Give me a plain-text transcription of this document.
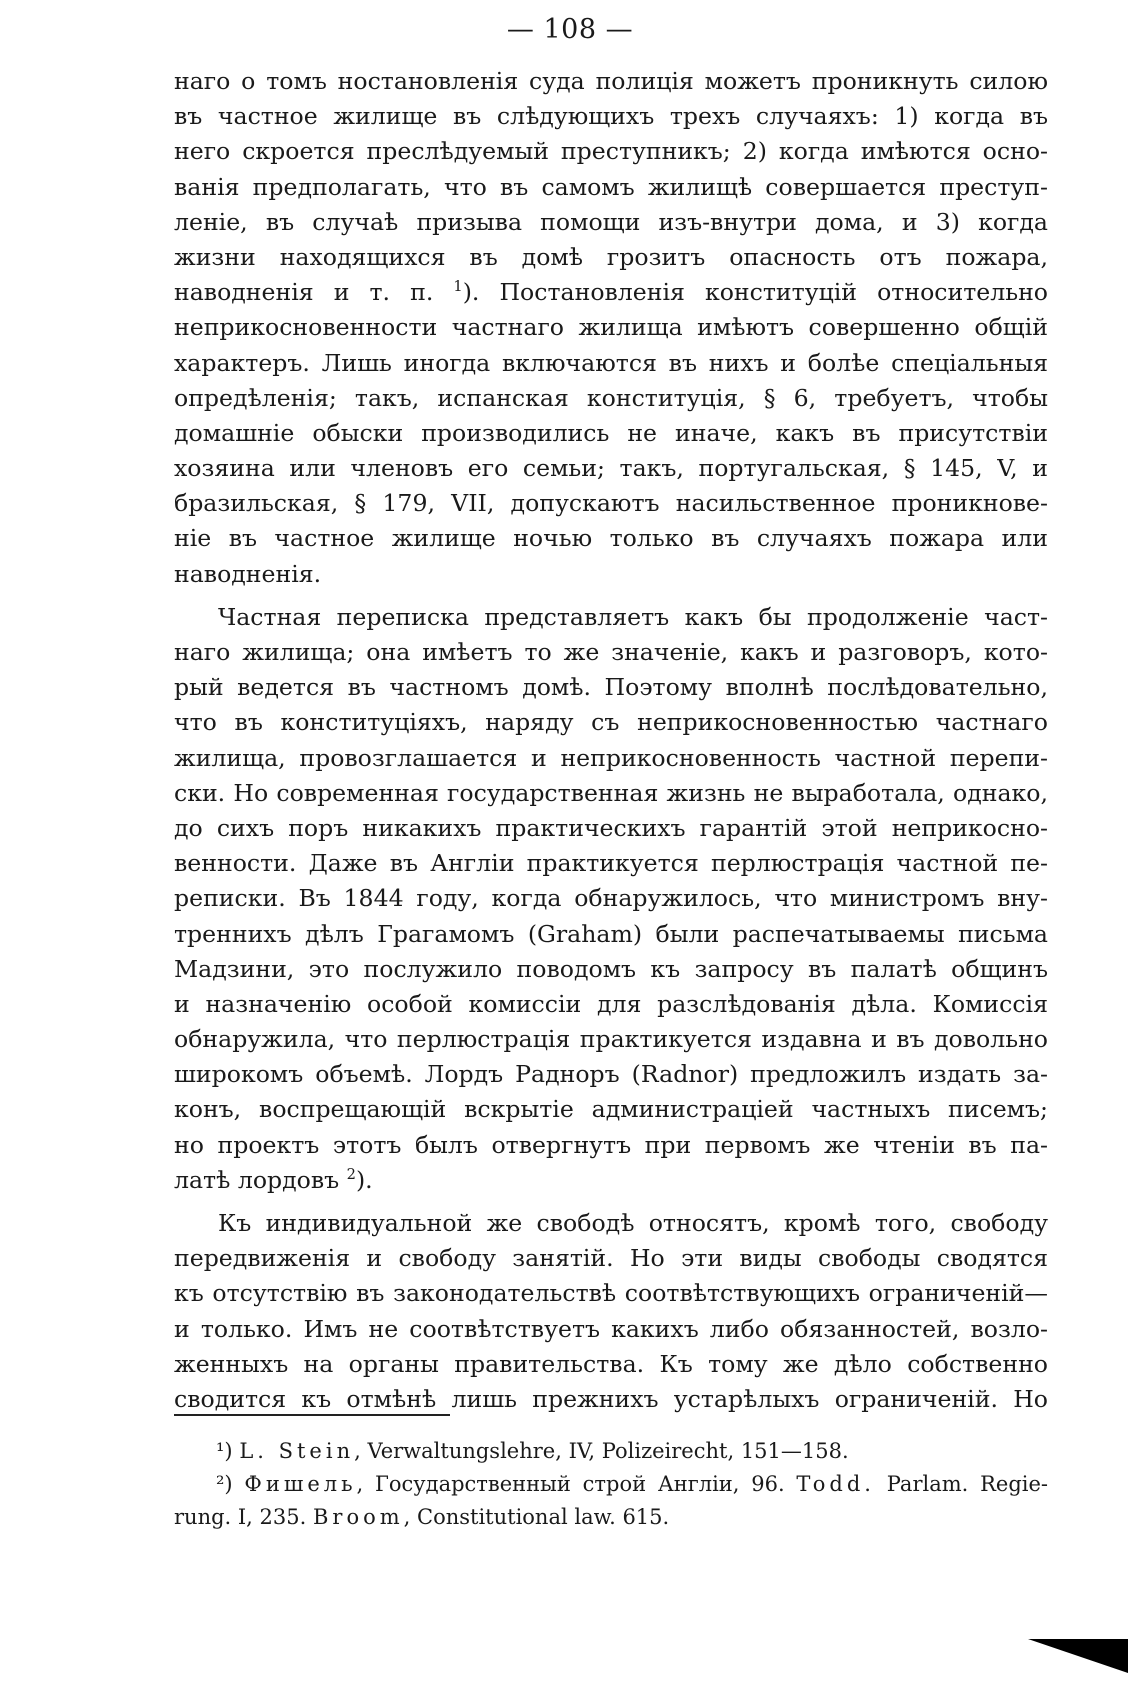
— 108 —
наго о томъ ностановленія суда полиція можетъ проникнуть силою
въ частное жилище въ слѣдующихъ трехъ случаяхъ: 1) когда въ
него скроется преслѣдуемый преступникъ; 2) когда имѣются осно-
ванія предполагать, что въ самомъ жилищѣ совершается преступ-
леніе, въ случаѣ призыва помощи изъ-внутри дома, и 3) когда
жизни находящихся въ домѣ грозитъ опасность отъ пожара,
наводненія и т. п. $^1$). Постановленія конституцій относительно
неприкосновенности частнаго жилища имѣютъ совершенно общій
характеръ. Лишь иногда включаются въ нихъ и болѣе спеціальныя
опредѣленія; такъ, испанская конституція, § 6, требуетъ, чтобы
домашніе обыски производились не иначе, какъ въ присутствіи
хозяина или членовъ его семьи; такъ, португальская, § 145, V, и
бразильская, § 179, VII, допускаютъ насильственное проникнове-
ніе въ частное жилище ночью только въ случаяхъ пожара или
наводненія.
Частная переписка представляетъ какъ бы продолженіе част-
наго жилища; она имѣетъ то же значеніе, какъ и разговоръ, кото-
рый ведется въ частномъ домѣ. Поэтому вполнѣ послѣдовательно,
что въ конституціяхъ, наряду съ неприкосновенностью частнаго
жилища, провозглашается и неприкосновенность частной перепи-
ски. Но современная государственная жизнь не выработала, однако,
до сихъ поръ никакихъ практическихъ гарантій этой неприкосно-
венности. Даже въ Англіи практикуется перлюстрація частной пе-
реписки. Въ 1844 году, когда обнаружилось, что министромъ вну-
треннихъ дѣлъ Грагамомъ (Graham) были распечатываемы письма
Мадзини, это послужило поводомъ къ запросу въ палатѣ общинъ
и назначенію особой комиссіи для разслѣдованія дѣла. Комиссія
обнаружила, что перлюстрація практикуется издавна и въ довольно
широкомъ объемѣ. Лордъ Радноръ (Radnor) предложилъ издать за-
конъ, воспрещающій вскрытіе администраціей частныхъ писемъ;
но проектъ этотъ былъ отвергнутъ при первомъ же чтеніи въ па-
латѣ лордовъ $^2$).
Къ индивидуальной же свободѣ относятъ, кромѣ того, свободу
передвиженія и свободу занятій. Но эти виды свободы сводятся
къ отсутствію въ законодательствѣ соотвѣтствующихъ ограниченій—
и только. Имъ не соотвѣтствуетъ какихъ либо обязанностей, возло-
женныхъ на органы правительства. Къ тому же дѣло собственно
сводится къ отмѣнѣ лишь прежнихъ устарѣлыхъ ограниченій. Но
¹) L. Stein, Verwaltungslehre, IV, Polizeirecht, 151—158.
²) Фишель, Государственный строй Англіи, 96. Todd. Parlam. Regie-
rung. I, 235. Broom, Constitutional law. 615.
